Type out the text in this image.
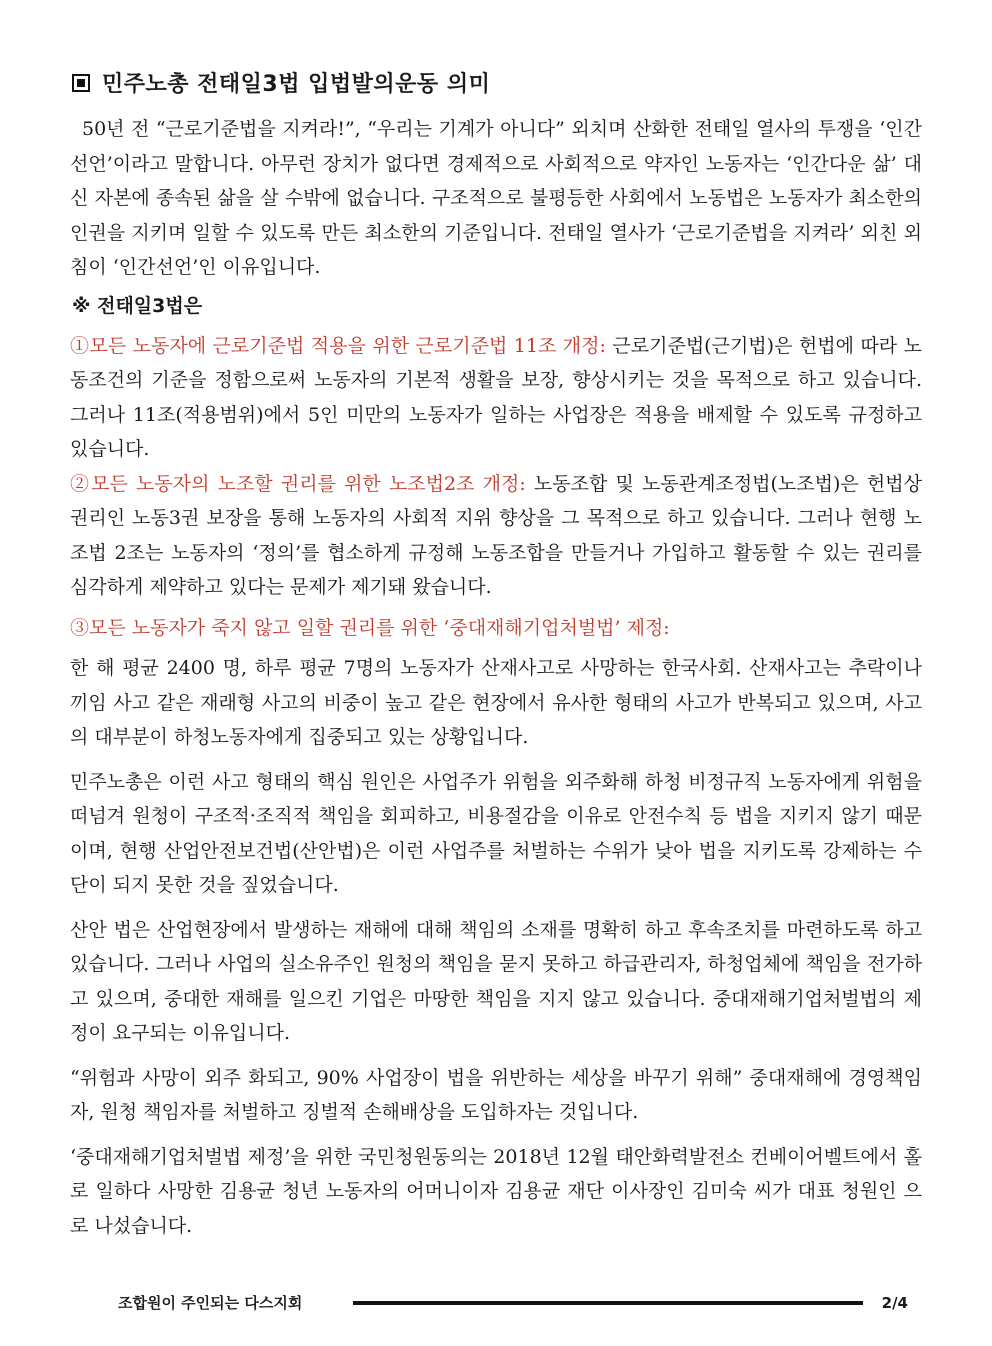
민주노총 전태일3법 입법발의운동 의미

50년 전 “근로기준법을 지켜라!”, “우리는 기계가 아니다” 외치며 산화한 전태일 열사의 투쟁을 ‘인간선언’이라고 말합니다. 아무런 장치가 없다면 경제적으로 사회적으로 약자인 노동자는 ‘인간다운 삶’ 대신 자본에 종속된 삶을 살 수밖에 없습니다. 구조적으로 불평등한 사회에서 노동법은 노동자가 최소한의 인권을 지키며 일할 수 있도록 만든 최소한의 기준입니다. 전태일 열사가 ‘근로기준법을 지켜라’ 외친 외침이 ‘인간선언’인 이유입니다.

※ 전태일3법은

①모든 노동자에 근로기준법 적용을 위한 근로기준법 11조 개정: 근로기준법(근기법)은 헌법에 따라 노동조건의 기준을 정함으로써 노동자의 기본적 생활을 보장, 향상시키는 것을 목적으로 하고 있습니다. 그러나 11조(적용범위)에서 5인 미만의 노동자가 일하는 사업장은 적용을 배제할 수 있도록 규정하고 있습니다.

②모든 노동자의 노조할 권리를 위한 노조법2조 개정: 노동조합 및 노동관계조정법(노조법)은 헌법상 권리인 노동3권 보장을 통해 노동자의 사회적 지위 향상을 그 목적으로 하고 있습니다. 그러나 현행 노조법 2조는 노동자의 ‘정의’를 협소하게 규정해 노동조합을 만들거나 가입하고 활동할 수 있는 권리를 심각하게 제약하고 있다는 문제가 제기돼 왔습니다.

③모든 노동자가 죽지 않고 일할 권리를 위한 ‘중대재해기업처벌법’ 제정:

한 해 평균 2400 명, 하루 평균 7명의 노동자가 산재사고로 사망하는 한국사회. 산재사고는 추락이나 끼임 사고 같은 재래형 사고의 비중이 높고 같은 현장에서 유사한 형태의 사고가 반복되고 있으며, 사고의 대부분이 하청노동자에게 집중되고 있는 상황입니다.

민주노총은 이런 사고 형태의 핵심 원인은 사업주가 위험을 외주화해 하청 비정규직 노동자에게 위험을 떠넘겨 원청이 구조적·조직적 책임을 회피하고, 비용절감을 이유로 안전수칙 등 법을 지키지 않기 때문이며, 현행 산업안전보건법(산안법)은 이런 사업주를 처벌하는 수위가 낮아 법을 지키도록 강제하는 수단이 되지 못한 것을 짚었습니다.

산안 법은 산업현장에서 발생하는 재해에 대해 책임의 소재를 명확히 하고 후속조치를 마련하도록 하고 있습니다. 그러나 사업의 실소유주인 원청의 책임을 묻지 못하고 하급관리자, 하청업체에 책임을 전가하고 있으며, 중대한 재해를 일으킨 기업은 마땅한 책임을 지지 않고 있습니다. 중대재해기업처벌법의 제정이 요구되는 이유입니다.

“위험과 사망이 외주 화되고, 90% 사업장이 법을 위반하는 세상을 바꾸기 위해” 중대재해에 경영책임자, 원청 책임자를 처벌하고 징벌적 손해배상을 도입하자는 것입니다.

‘중대재해기업처벌법 제정’을 위한 국민청원동의는 2018년 12월 태안화력발전소 컨베이어벨트에서 홀로 일하다 사망한 김용균 청년 노동자의 어머니이자 김용균 재단 이사장인 김미숙 씨가 대표 청원인 으로 나섰습니다.

조합원이 주인되는 다스지회	2/4
